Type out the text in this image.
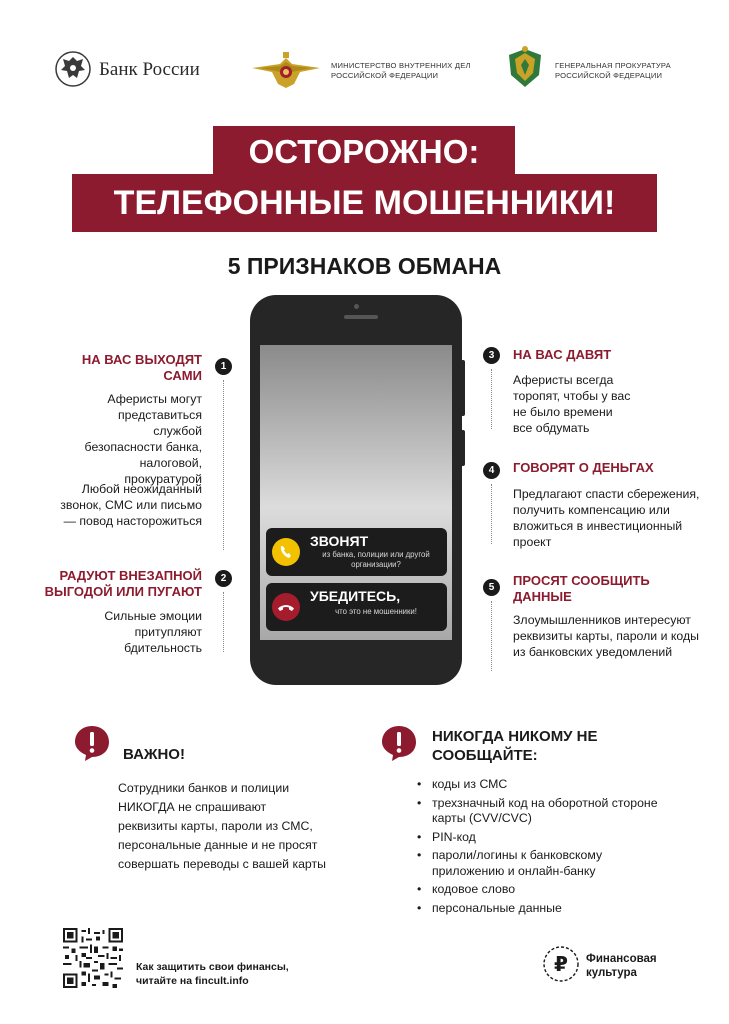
Банк России	МИНИСТЕРСТВО ВНУТРЕННИХ ДЕЛ
РОССИЙСКОЙ ФЕДЕРАЦИИ
ГЕНЕРАЛЬНАЯ ПРОКУРАТУРА
РОССИЙСКОЙ ФЕДЕРАЦИИ
ОСТОРОЖНО:
ТЕЛЕФОННЫЕ МОШЕННИКИ!
5 ПРИЗНАКОВ ОБМАНА
ЗВОНЯТ
из банка, полиции или другой организации?
УБЕДИТЕСЬ,
что это не мошенники!
1
НА ВАС ВЫХОДЯТ САМИ
Аферисты могут представиться службой безопасности банка, налоговой, прокуратурой
Любой неожиданный звонок, СМС или письмо — повод насторожиться
2
РАДУЮТ ВНЕЗАПНОЙ ВЫГОДОЙ ИЛИ ПУГАЮТ
Сильные эмоции притупляют бдительность
3	НА ВАС ДАВЯТ
Аферисты всегда торопят, чтобы у вас не было времени все обдумать
4	ГОВОРЯТ О ДЕНЬГАХ
Предлагают спасти сбережения, получить компенсацию или вложиться в инвестиционный проект
5	ПРОСЯТ СООБЩИТЬ ДАННЫЕ
Злоумышленников интересуют реквизиты карты, пароли и коды из банковских уведомлений
ВАЖНО!
Сотрудники банков и полиции НИКОГДА не спрашивают реквизиты карты, пароли из СМС, персональные данные и не просят совершать переводы с вашей карты
НИКОГДА НИКОМУ НЕ СООБЩАЙТЕ:
• коды из СМС
• трехзначный код на оборотной стороне карты (CVV/CVC)
• PIN-код
• пароли/логины к банковскому приложению и онлайн-банку
• кодовое слово
• персональные данные
Как защитить свои финансы,
читайте на fincult.info
₽ Финансовая
культура
